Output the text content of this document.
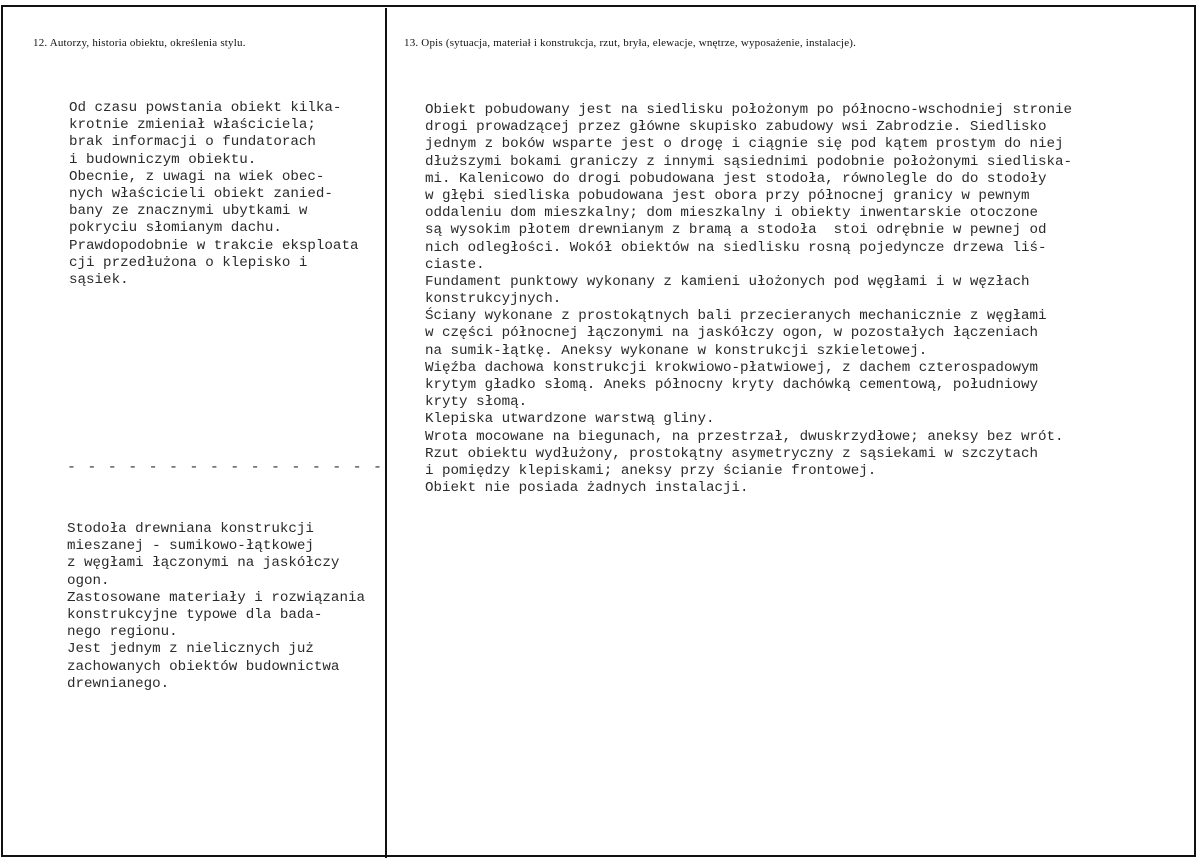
12. Autorzy, historia obiektu, określenia stylu.	13. Opis (sytuacja, materiał i konstrukcja, rzut, bryła, elewacje, wnętrze, wyposażenie, instalacje).
Od czasu powstania obiekt kilka-
krotnie zmieniał właściciela;
brak informacji o fundatorach
i budowniczym obiektu.
Obecnie, z uwagi na wiek obec-
nych właścicieli obiekt zanied-
bany ze znacznymi ubytkami w
pokryciu słomianym dachu.
Prawdopodobnie w trakcie eksploata
cji przedłużona o klepisko i
sąsiek.
- - - - - - - - - - - - - - - -
Stodoła drewniana konstrukcji
mieszanej - sumikowo-łątkowej
z węgłami łączonymi na jaskółczy
ogon.
Zastosowane materiały i rozwiązania
konstrukcyjne typowe dla bada-
nego regionu.
Jest jednym z nielicznych już
zachowanych obiektów budownictwa
drewnianego.
Obiekt pobudowany jest na siedlisku położonym po północno-wschodniej stronie
drogi prowadzącej przez główne skupisko zabudowy wsi Zabrodzie. Siedlisko
jednym z boków wsparte jest o drogę i ciągnie się pod kątem prostym do niej
dłuższymi bokami graniczy z innymi sąsiednimi podobnie położonymi siedliska-
mi. Kalenicowo do drogi pobudowana jest stodoła, równolegle do do stodoły
w głębi siedliska pobudowana jest obora przy północnej granicy w pewnym
oddaleniu dom mieszkalny; dom mieszkalny i obiekty inwentarskie otoczone
są wysokim płotem drewnianym z bramą a stodoła  stoi odrębnie w pewnej od
nich odległości. Wokół obiektów na siedlisku rosną pojedyncze drzewa liś-
ciaste.
Fundament punktowy wykonany z kamieni ułożonych pod węgłami i w węzłach
konstrukcyjnych.
Ściany wykonane z prostokątnych bali przecieranych mechanicznie z węgłami
w części północnej łączonymi na jaskółczy ogon, w pozostałych łączeniach
na sumik-łątkę. Aneksy wykonane w konstrukcji szkieletowej.
Więźba dachowa konstrukcji krokwiowo-płatwiowej, z dachem czterospadowym
krytym gładko słomą. Aneks północny kryty dachówką cementową, południowy
kryty słomą.
Klepiska utwardzone warstwą gliny.
Wrota mocowane na biegunach, na przestrzał, dwuskrzydłowe; aneksy bez wrót.
Rzut obiektu wydłużony, prostokątny asymetryczny z sąsiekami w szczytach
i pomiędzy klepiskami; aneksy przy ścianie frontowej.
Obiekt nie posiada żadnych instalacji.
